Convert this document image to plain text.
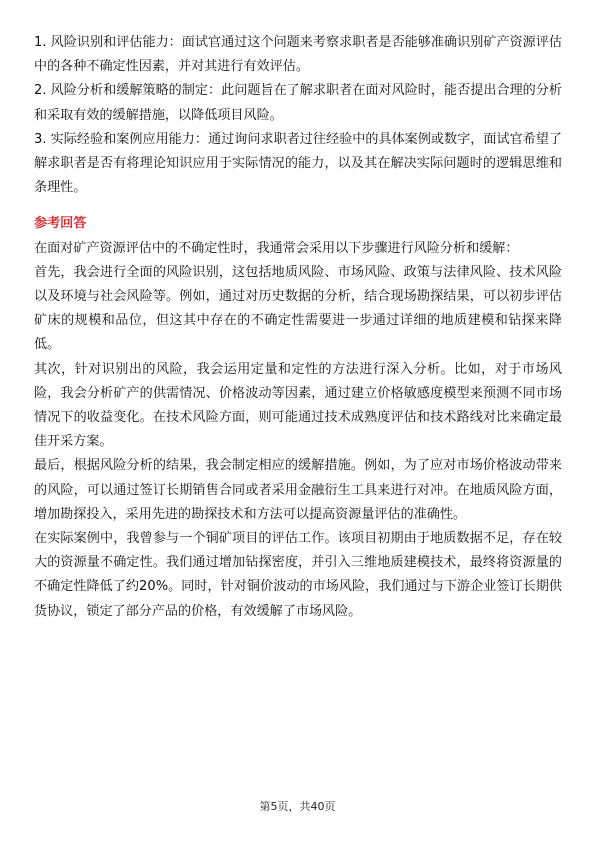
1. 风险识别和评估能力：面试官通过这个问题来考察求职者是否能够准确识别矿产资源评估中的各种不确定性因素，并对其进行有效评估。

2. 风险分析和缓解策略的制定：此问题旨在了解求职者在面对风险时，能否提出合理的分析和采取有效的缓解措施，以降低项目风险。

3. 实际经验和案例应用能力：通过询问求职者过往经验中的具体案例或数字，面试官希望了解求职者是否有将理论知识应用于实际情况的能力，以及其在解决实际问题时的逻辑思维和条理性。

参考回答

在面对矿产资源评估中的不确定性时，我通常会采用以下步骤进行风险分析和缓解：

首先，我会进行全面的风险识别，这包括地质风险、市场风险、政策与法律风险、技术风险以及环境与社会风险等。例如，通过对历史数据的分析，结合现场勘探结果，可以初步评估矿床的规模和品位，但这其中存在的不确定性需要进一步通过详细的地质建模和钻探来降低。

其次，针对识别出的风险，我会运用定量和定性的方法进行深入分析。比如，对于市场风险，我会分析矿产的供需情况、价格波动等因素，通过建立价格敏感度模型来预测不同市场情况下的收益变化。在技术风险方面，则可能通过技术成熟度评估和技术路线对比来确定最佳开采方案。

最后，根据风险分析的结果，我会制定相应的缓解措施。例如，为了应对市场价格波动带来的风险，可以通过签订长期销售合同或者采用金融衍生工具来进行对冲。在地质风险方面，增加勘探投入，采用先进的勘探技术和方法可以提高资源量评估的准确性。

在实际案例中，我曾参与一个铜矿项目的评估工作。该项目初期由于地质数据不足，存在较大的资源量不确定性。我们通过增加钻探密度，并引入三维地质建模技术，最终将资源量的不确定性降低了约20%。同时，针对铜价波动的市场风险，我们通过与下游企业签订长期供货协议，锁定了部分产品的价格，有效缓解了市场风险。

第5页，共40页
